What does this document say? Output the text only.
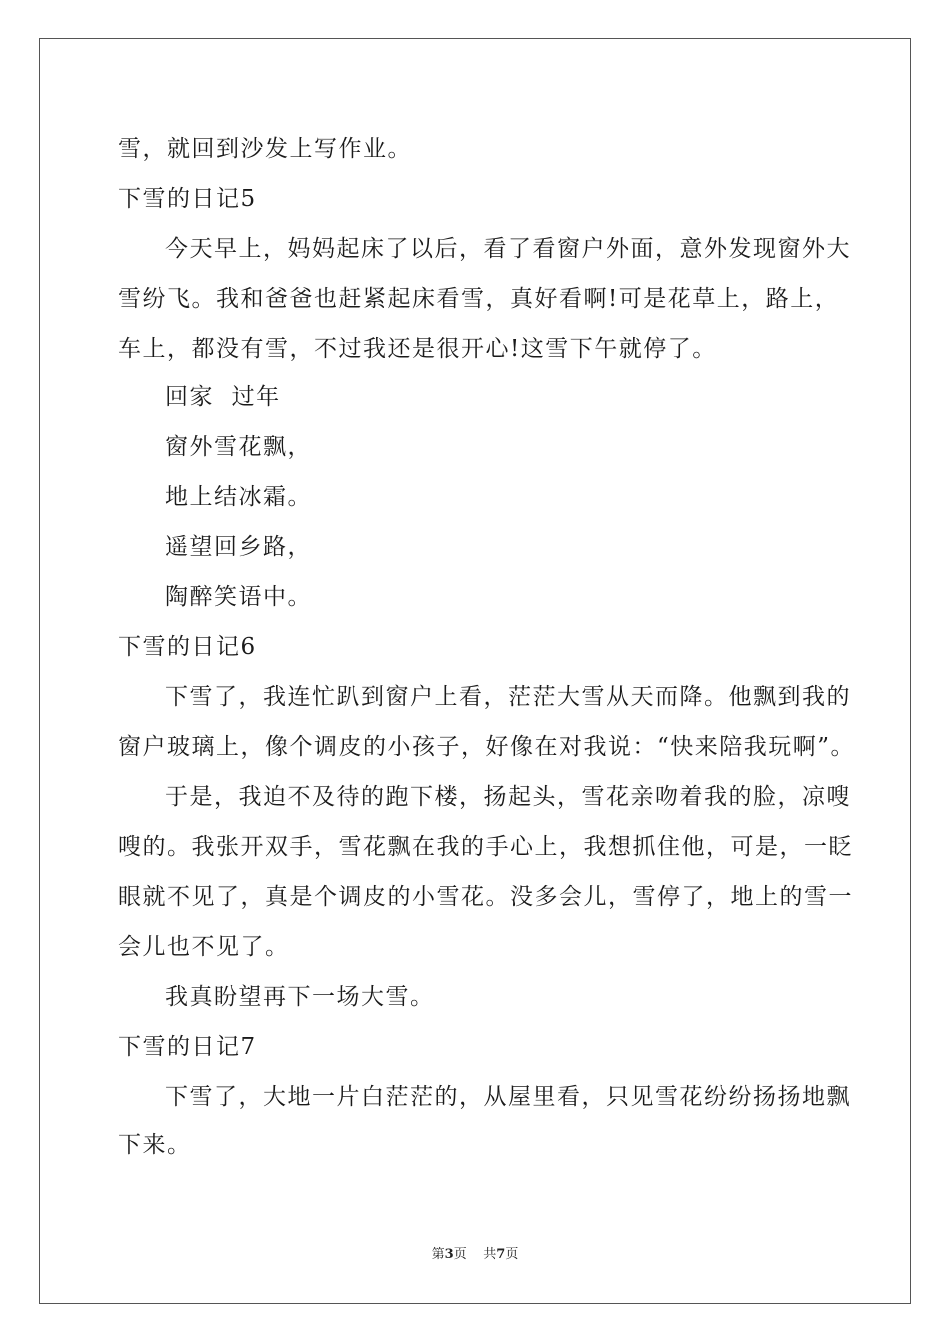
雪，就回到沙发上写作业。
下雪的日记5
今天早上，妈妈起床了以后，看了看窗户外面，意外发现窗外大
雪纷飞。我和爸爸也赶紧起床看雪，真好看啊!可是花草上，路上，
车上，都没有雪，不过我还是很开心!这雪下午就停了。
回家  过年
窗外雪花飘，
地上结冰霜。
遥望回乡路，
陶醉笑语中。
下雪的日记6
下雪了，我连忙趴到窗户上看，茫茫大雪从天而降。他飘到我的
窗户玻璃上，像个调皮的小孩子，好像在对我说：“快来陪我玩啊”。
于是，我迫不及待的跑下楼，扬起头，雪花亲吻着我的脸，凉嗖
嗖的。我张开双手，雪花飘在我的手心上，我想抓住他，可是，一眨
眼就不见了，真是个调皮的小雪花。没多会儿，雪停了，地上的雪一
会儿也不见了。
我真盼望再下一场大雪。
下雪的日记7
下雪了，大地一片白茫茫的，从屋里看，只见雪花纷纷扬扬地飘
下来。
第3页 共7页
